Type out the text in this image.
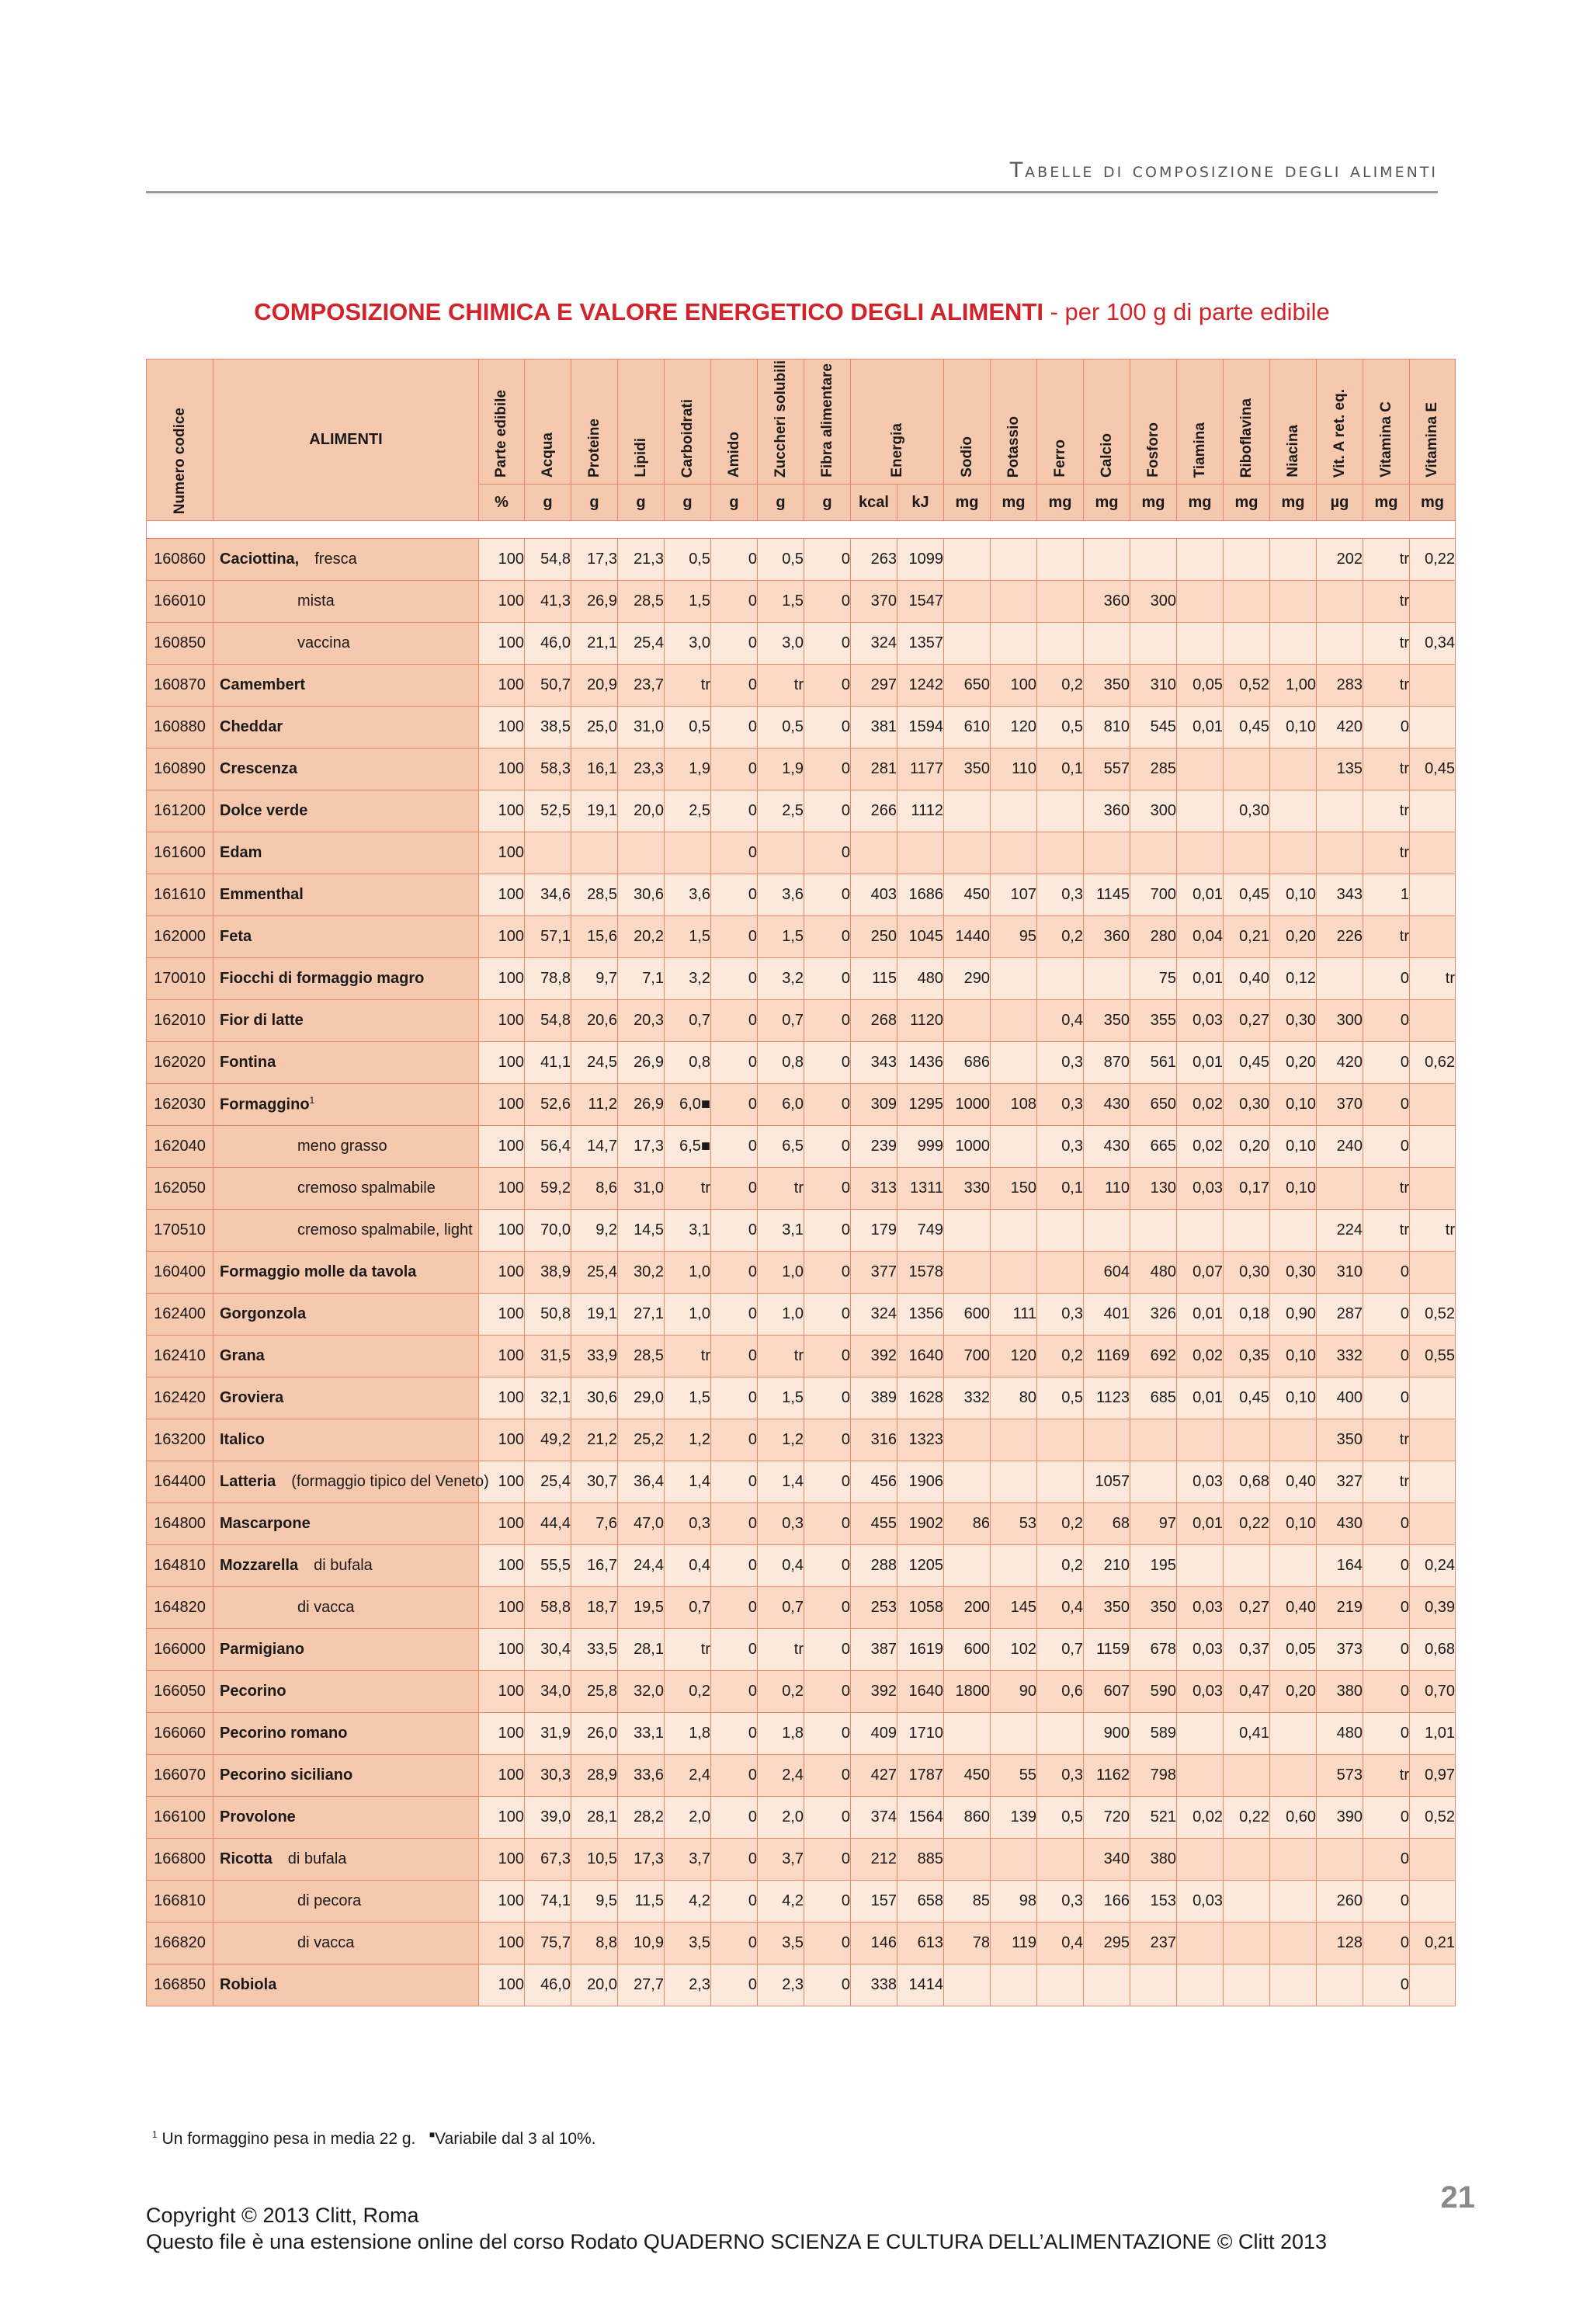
Tabelle di composizione degli alimenti
COMPOSIZIONE CHIMICA E VALORE ENERGETICO DEGLI ALIMENTI - per 100 g di parte edibile
Numero codice	ALIMENTI	Parte edibile	Acqua	Proteine	Lipidi	Carboidrati	Amido	Zuccheri solubili	Fibra alimentare	Energia		Sodio	Potassio	Ferro	Calcio	Fosforo	Tiamina	Riboflavina	Niacina	Vit. A ret. eq.	Vitamina C	Vitamina E

		%	g	g	g	g	g	g	g	kcal	kJ	mg	mg	mg	mg	mg	mg	mg	mg	µg	mg	mg

160860	Caciottina, fresca	100	54,8	17,3	21,3	0,5	0	0,5	0	263	1099									202	tr	0,22
166010	mista	100	41,3	26,9	28,5	1,5	0	1,5	0	370	1547				360	300					tr	
160850	vaccina	100	46,0	21,1	25,4	3,0	0	3,0	0	324	1357										tr	0,34
160870	Camembert	100	50,7	20,9	23,7	tr	0	tr	0	297	1242	650	100	0,2	350	310	0,05	0,52	1,00	283	tr	
160880	Cheddar	100	38,5	25,0	31,0	0,5	0	0,5	0	381	1594	610	120	0,5	810	545	0,01	0,45	0,10	420	0	
160890	Crescenza	100	58,3	16,1	23,3	1,9	0	1,9	0	281	1177	350	110	0,1	557	285				135	tr	0,45
161200	Dolce verde	100	52,5	19,1	20,0	2,5	0	2,5	0	266	1112				360	300		0,30			tr	
161600	Edam	100					0		0												tr	
161610	Emmenthal	100	34,6	28,5	30,6	3,6	0	3,6	0	403	1686	450	107	0,3	1145	700	0,01	0,45	0,10	343	1	
162000	Feta	100	57,1	15,6	20,2	1,5	0	1,5	0	250	1045	1440	95	0,2	360	280	0,04	0,21	0,20	226	tr	
170010	Fiocchi di formaggio magro	100	78,8	9,7	7,1	3,2	0	3,2	0	115	480	290				75	0,01	0,40	0,12		0	tr
162010	Fior di latte	100	54,8	20,6	20,3	0,7	0	0,7	0	268	1120			0,4	350	355	0,03	0,27	0,30	300	0	
162020	Fontina	100	41,1	24,5	26,9	0,8	0	0,8	0	343	1436	686		0,3	870	561	0,01	0,45	0,20	420	0	0,62
162030	Formaggino$^1$	100	52,6	11,2	26,9	6,0■	0	6,0	0	309	1295	1000	108	0,3	430	650	0,02	0,30	0,10	370	0	
162040	meno grasso	100	56,4	14,7	17,3	6,5■	0	6,5	0	239	999	1000		0,3	430	665	0,02	0,20	0,10	240	0	
162050	cremoso spalmabile	100	59,2	8,6	31,0	tr	0	tr	0	313	1311	330	150	0,1	110	130	0,03	0,17	0,10		tr	
170510	cremoso spalmabile, light	100	70,0	9,2	14,5	3,1	0	3,1	0	179	749									224	tr	tr
160400	Formaggio molle da tavola	100	38,9	25,4	30,2	1,0	0	1,0	0	377	1578				604	480	0,07	0,30	0,30	310	0	
162400	Gorgonzola	100	50,8	19,1	27,1	1,0	0	1,0	0	324	1356	600	111	0,3	401	326	0,01	0,18	0,90	287	0	0,52
162410	Grana	100	31,5	33,9	28,5	tr	0	tr	0	392	1640	700	120	0,2	1169	692	0,02	0,35	0,10	332	0	0,55
162420	Groviera	100	32,1	30,6	29,0	1,5	0	1,5	0	389	1628	332	80	0,5	1123	685	0,01	0,45	0,10	400	0	
163200	Italico	100	49,2	21,2	25,2	1,2	0	1,2	0	316	1323									350	tr	
164400	Latteria (formaggio tipico del Veneto)	100	25,4	30,7	36,4	1,4	0	1,4	0	456	1906				1057		0,03	0,68	0,40	327	tr	
164800	Mascarpone	100	44,4	7,6	47,0	0,3	0	0,3	0	455	1902	86	53	0,2	68	97	0,01	0,22	0,10	430	0	
164810	Mozzarella di bufala	100	55,5	16,7	24,4	0,4	0	0,4	0	288	1205			0,2	210	195				164	0	0,24
164820	di vacca	100	58,8	18,7	19,5	0,7	0	0,7	0	253	1058	200	145	0,4	350	350	0,03	0,27	0,40	219	0	0,39
166000	Parmigiano	100	30,4	33,5	28,1	tr	0	tr	0	387	1619	600	102	0,7	1159	678	0,03	0,37	0,05	373	0	0,68
166050	Pecorino	100	34,0	25,8	32,0	0,2	0	0,2	0	392	1640	1800	90	0,6	607	590	0,03	0,47	0,20	380	0	0,70
166060	Pecorino romano	100	31,9	26,0	33,1	1,8	0	1,8	0	409	1710				900	589		0,41		480	0	1,01
166070	Pecorino siciliano	100	30,3	28,9	33,6	2,4	0	2,4	0	427	1787	450	55	0,3	1162	798				573	tr	0,97
166100	Provolone	100	39,0	28,1	28,2	2,0	0	2,0	0	374	1564	860	139	0,5	720	521	0,02	0,22	0,60	390	0	0,52
166800	Ricotta di bufala	100	67,3	10,5	17,3	3,7	0	3,7	0	212	885				340	380					0	
166810	di pecora	100	74,1	9,5	11,5	4,2	0	4,2	0	157	658	85	98	0,3	166	153	0,03			260	0	
166820	di vacca	100	75,7	8,8	10,9	3,5	0	3,5	0	146	613	78	119	0,4	295	237				128	0	0,21
166850	Robiola	100	46,0	20,0	27,7	2,3	0	2,3	0	338	1414										0	
$^1$ Un formaggino pesa in media 22 g. ■Variabile dal 3 al 10%.
Copyright © 2013 Clitt, Roma
Questo file è una estensione online del corso Rodato QUADERNO SCIENZA E CULTURA DELL’ALIMENTAZIONE © Clitt 2013
21
